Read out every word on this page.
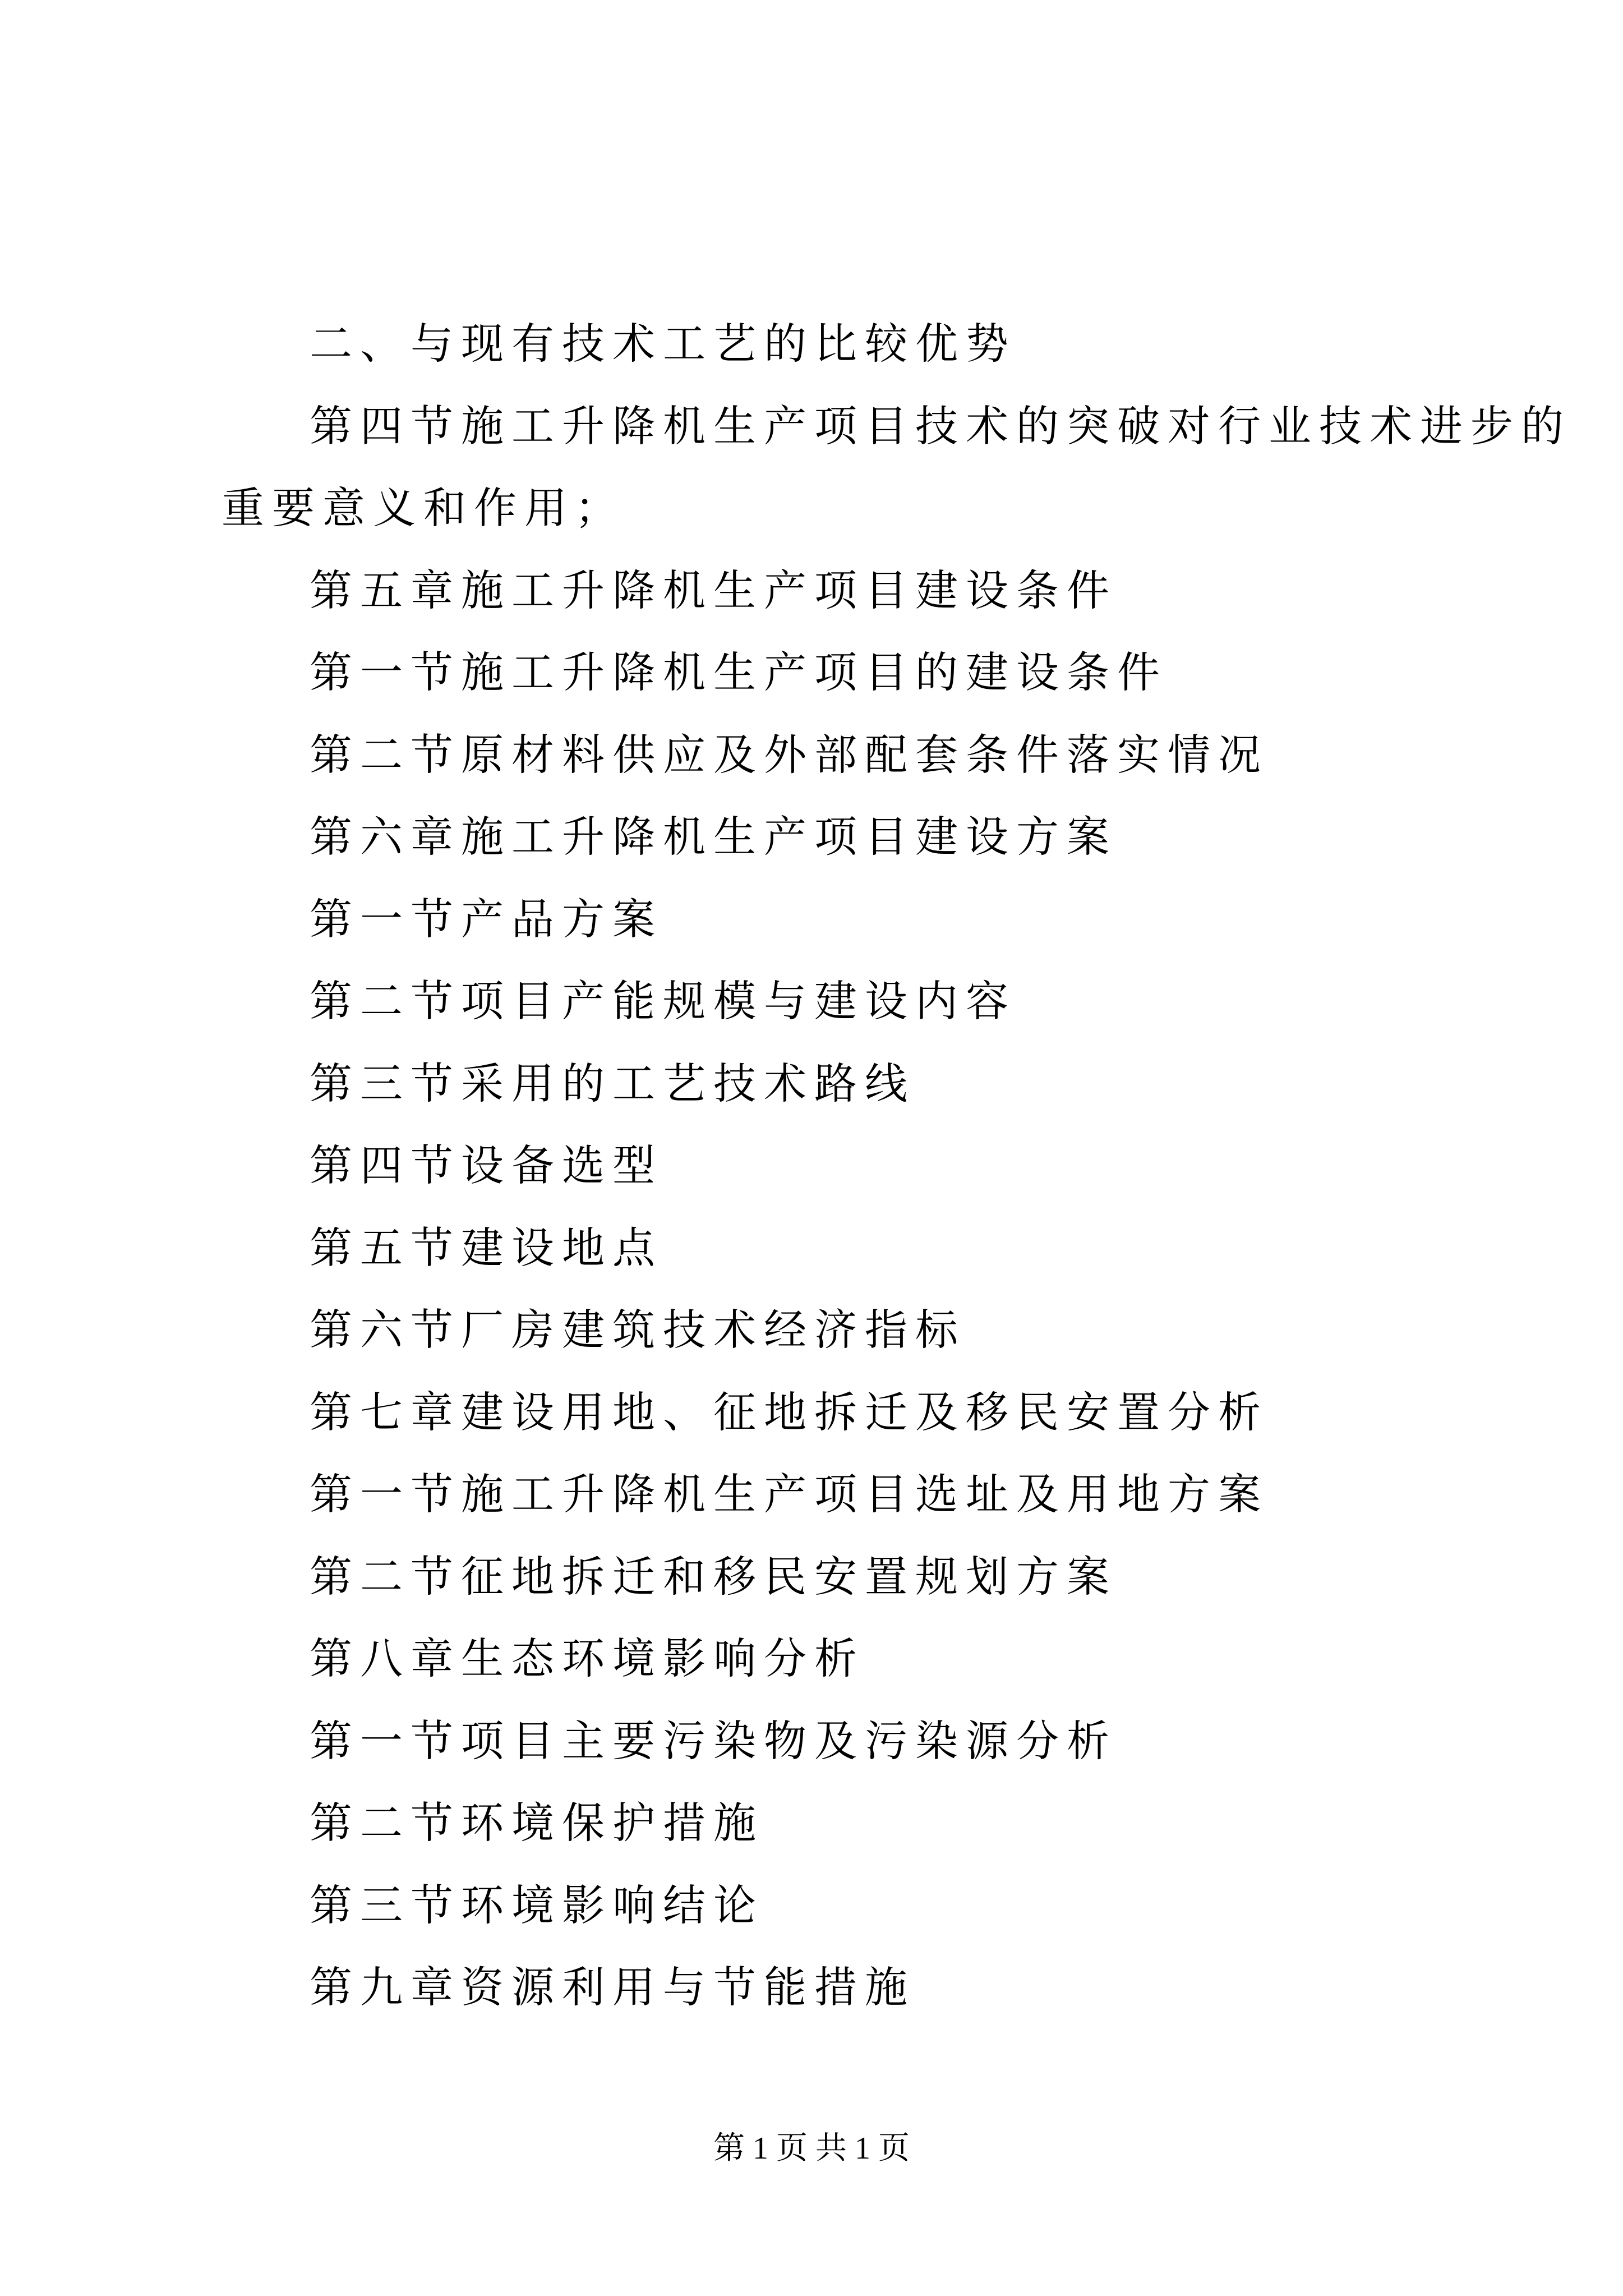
二、与现有技术工艺的比较优势
第四节施工升降机生产项目技术的突破对行业技术进步的
重要意义和作用；
第五章施工升降机生产项目建设条件
第一节施工升降机生产项目的建设条件
第二节原材料供应及外部配套条件落实情况
第六章施工升降机生产项目建设方案
第一节产品方案
第二节项目产能规模与建设内容
第三节采用的工艺技术路线
第四节设备选型
第五节建设地点
第六节厂房建筑技术经济指标
第七章建设用地、征地拆迁及移民安置分析
第一节施工升降机生产项目选址及用地方案
第二节征地拆迁和移民安置规划方案
第八章生态环境影响分析
第一节项目主要污染物及污染源分析
第二节环境保护措施
第三节环境影响结论
第九章资源利用与节能措施
第 1 页 共 1 页
